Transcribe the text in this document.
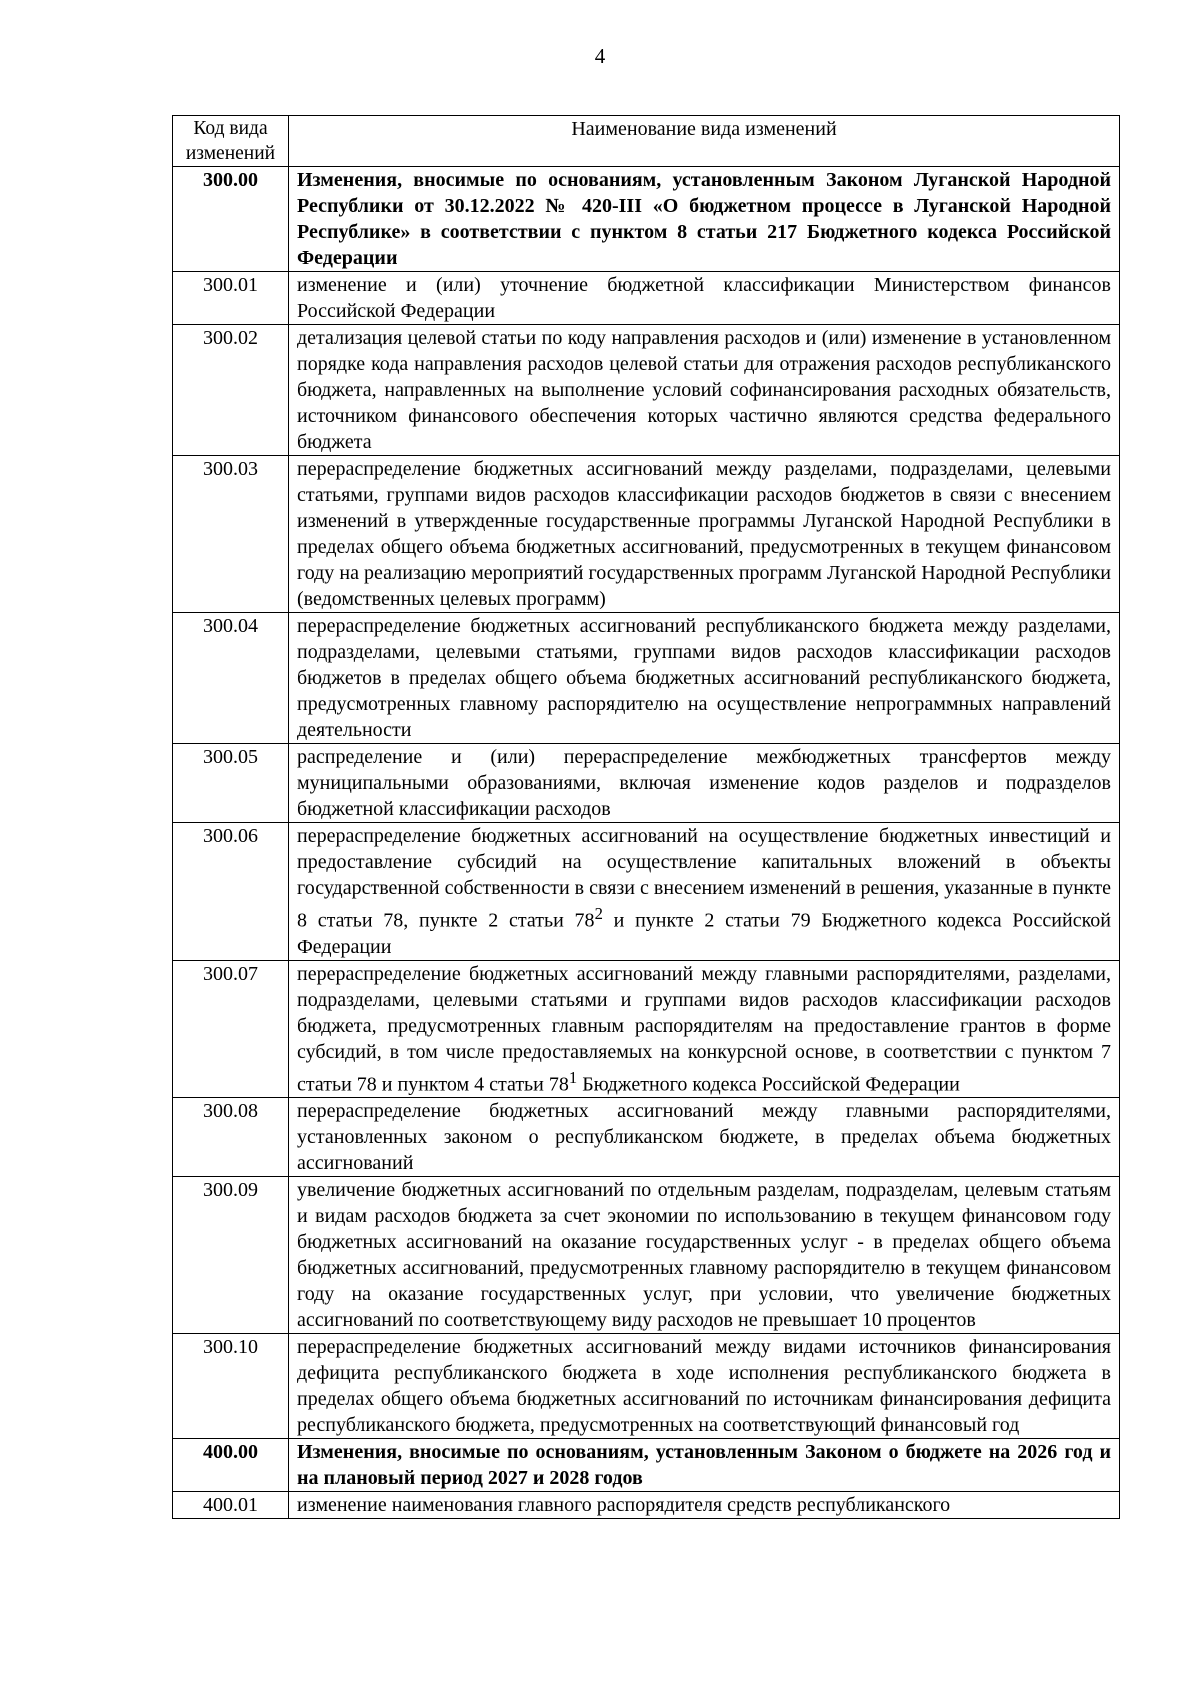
4
Код вида
изменений	Наименование вида изменений
300.00	Изменения, вносимые по основаниям, установленным Законом Луганской Народной Республики от 30.12.2022 № 420-III «О бюджетном процессе в Луганской Народной Республике» в соответствии с пунктом 8 статьи 217 Бюджетного кодекса Российской Федерации
300.01	изменение и (или) уточнение бюджетной классификации Министерством финансов Российской Федерации
300.02	детализация целевой статьи по коду направления расходов и (или) изменение в установленном порядке кода направления расходов целевой статьи для отражения расходов республиканского бюджета, направленных на выполнение условий софинансирования расходных обязательств, источником финансового обеспечения которых частично являются средства федерального бюджета
300.03	перераспределение бюджетных ассигнований между разделами, подразделами, целевыми статьями, группами видов расходов классификации расходов бюджетов в связи с внесением изменений в утвержденные государственные программы Луганской Народной Республики в пределах общего объема бюджетных ассигнований, предусмотренных в текущем финансовом году на реализацию мероприятий государственных программ Луганской Народной Республики (ведомственных целевых программ)
300.04	перераспределение бюджетных ассигнований республиканского бюджета между разделами, подразделами, целевыми статьями, группами видов расходов классификации расходов бюджетов в пределах общего объема бюджетных ассигнований республиканского бюджета, предусмотренных главному распорядителю на осуществление непрограммных направлений деятельности
300.05	распределение и (или) перераспределение межбюджетных трансфертов между муниципальными образованиями, включая изменение кодов разделов и подразделов бюджетной классификации расходов
300.06	перераспределение бюджетных ассигнований на осуществление бюджетных инвестиций и предоставление субсидий на осуществление капитальных вложений в объекты государственной собственности в связи с внесением изменений в решения, указанные в пункте 8 статьи 78, пункте 2 статьи $78^2$ и пункте 2 статьи 79 Бюджетного кодекса Российской Федерации
300.07	перераспределение бюджетных ассигнований между главными распорядителями, разделами, подразделами, целевыми статьями и группами видов расходов классификации расходов бюджета, предусмотренных главным распорядителям на предоставление грантов в форме субсидий, в том числе предоставляемых на конкурсной основе, в соответствии с пунктом 7 статьи 78 и пунктом 4 статьи $78^1$ Бюджетного кодекса Российской Федерации
300.08	перераспределение бюджетных ассигнований между главными распорядителями, установленных законом о республиканском бюджете, в пределах объема бюджетных ассигнований
300.09	увеличение бюджетных ассигнований по отдельным разделам, подразделам, целевым статьям и видам расходов бюджета за счет экономии по использованию в текущем финансовом году бюджетных ассигнований на оказание государственных услуг - в пределах общего объема бюджетных ассигнований, предусмотренных главному распорядителю в текущем финансовом году на оказание государственных услуг, при условии, что увеличение бюджетных ассигнований по соответствующему виду расходов не превышает 10 процентов
300.10	перераспределение бюджетных ассигнований между видами источников финансирования дефицита республиканского бюджета в ходе исполнения республиканского бюджета в пределах общего объема бюджетных ассигнований по источникам финансирования дефицита республиканского бюджета, предусмотренных на соответствующий финансовый год
400.00	Изменения, вносимые по основаниям, установленным Законом о бюджете на 2026 год и на плановый период 2027 и 2028 годов
400.01	изменение наименования главного распорядителя средств республиканского
